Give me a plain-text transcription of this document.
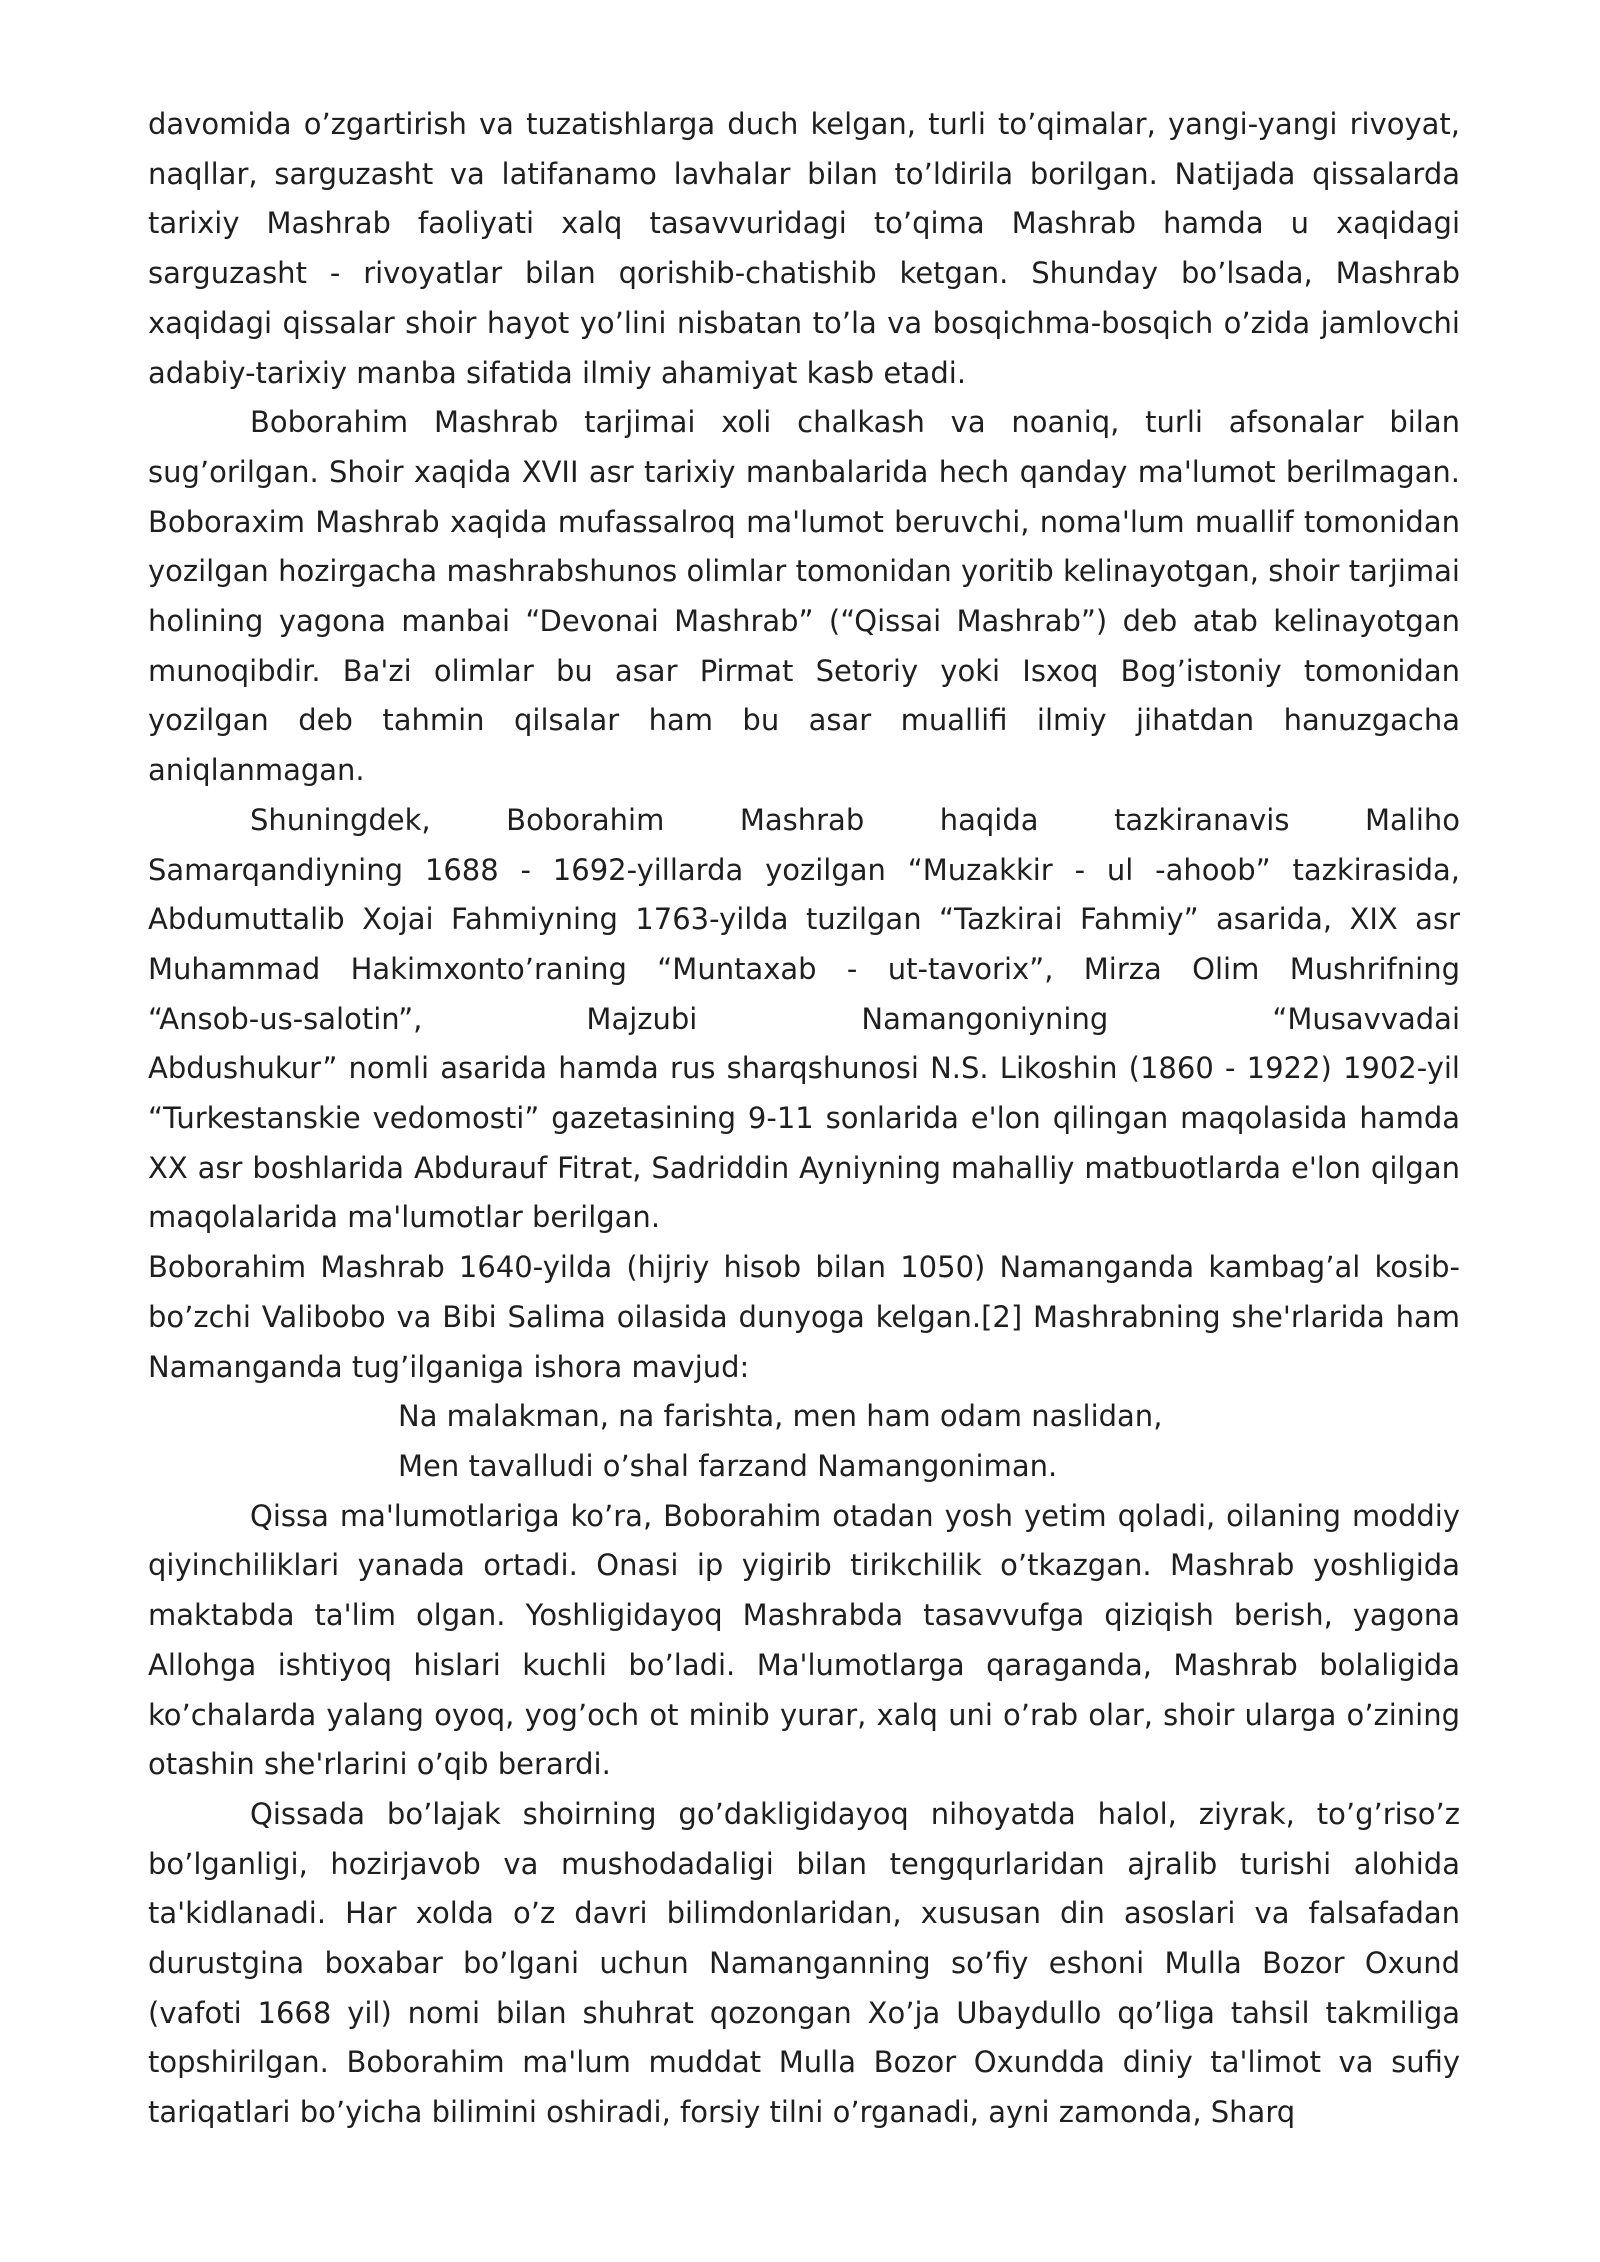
davomida o’zgartirish va tuzatishlarga duch kelgan, turli to’qimalar, yangi-yangi rivoyat, naqllar, sarguzasht va latifanamo lavhalar bilan to’ldirila borilgan. Natijada qissalarda tarixiy Mashrab faoliyati xalq tasavvuridagi to’qima Mashrab hamda u xaqidagi sarguzasht - rivoyatlar bilan qorishib-chatishib ketgan. Shunday bo’lsada, Mashrab xaqidagi qissalar shoir hayot yo’lini nisbatan to’la va bosqichma-bosqich o’zida jamlovchi adabiy-tarixiy manba sifatida ilmiy ahamiyat kasb etadi.

Boborahim Mashrab tarjimai xoli chalkash va noaniq, turli afsonalar bilan sug’orilgan. Shoir xaqida XVII asr tarixiy manbalarida hech qanday ma'lumot berilmagan. Boboraxim Mashrab xaqida mufassalroq ma'lumot beruvchi, noma'lum muallif tomonidan yozilgan hozirgacha mashrabshunos olimlar tomonidan yoritib kelinayotgan, shoir tarjimai holining yagona manbai “Devonai Mashrab” (“Qissai Mashrab”) deb atab kelinayotgan munoqibdir. Ba'zi olimlar bu asar Pirmat Setoriy yoki Isxoq Bog’istoniy tomonidan yozilgan deb tahmin qilsalar ham bu asar muallifi ilmiy jihatdan hanuzgacha aniqlanmagan.

Shuningdek, Boborahim Mashrab haqida tazkiranavis Maliho

Samarqandiyning 1688 - 1692-yillarda yozilgan “Muzakkir - ul -ahoob” tazkirasida, Abdumuttalib Xojai Fahmiyning 1763-yilda tuzilgan “Tazkirai Fahmiy” asarida, XIX asr Muhammad Hakimxonto’raning “Muntaxab - ut-tavorix”, Mirza Olim Mushrifning

“Ansob-us-salotin”, Majzubi Namangoniyning “Musavvadai

Abdushukur” nomli asarida hamda rus sharqshunosi N.S. Likoshin (1860 - 1922) 1902-yil “Turkestanskie vedomosti” gazetasining 9-11 sonlarida e'lon qilingan maqolasida hamda XX asr boshlarida Abdurauf Fitrat, Sadriddin Ayniyning mahalliy matbuotlarda e'lon qilgan maqolalarida ma'lumotlar berilgan.

Boborahim Mashrab 1640-yilda (hijriy hisob bilan 1050) Namanganda kambag’al kosib-bo’zchi Valibobo va Bibi Salima oilasida dunyoga kelgan.[2] Mashrabning she'rlarida ham Namanganda tug’ilganiga ishora mavjud:

Na malakman, na farishta, men ham odam naslidan,

Men tavalludi o’shal farzand Namangoniman.

Qissa ma'lumotlariga ko’ra, Boborahim otadan yosh yetim qoladi, oilaning moddiy qiyinchiliklari yanada ortadi. Onasi ip yigirib tirikchilik o’tkazgan. Mashrab yoshligida maktabda ta'lim olgan. Yoshligidayoq Mashrabda tasavvufga qiziqish berish, yagona Allohga ishtiyoq hislari kuchli bo’ladi. Ma'lumotlarga qaraganda, Mashrab bolaligida ko’chalarda yalang oyoq, yog’och ot minib yurar, xalq uni o’rab olar, shoir ularga o’zining otashin she'rlarini o’qib berardi.

Qissada bo’lajak shoirning go’dakligidayoq nihoyatda halol, ziyrak, to’g’riso’z bo’lganligi, hozirjavob va mushodadaligi bilan tengqurlaridan ajralib turishi alohida ta'kidlanadi. Har xolda o’z davri bilimdonlaridan, xususan din asoslari va falsafadan durustgina boxabar bo’lgani uchun Namanganning so’fiy eshoni Mulla Bozor Oxund (vafoti 1668 yil) nomi bilan shuhrat qozongan Xo’ja Ubaydullo qo’liga tahsil takmiliga topshirilgan. Boborahim ma'lum muddat Mulla Bozor Oxundda diniy ta'limot va sufiy tariqatlari bo’yicha bilimini oshiradi, forsiy tilni o’rganadi, ayni zamonda, Sharq
